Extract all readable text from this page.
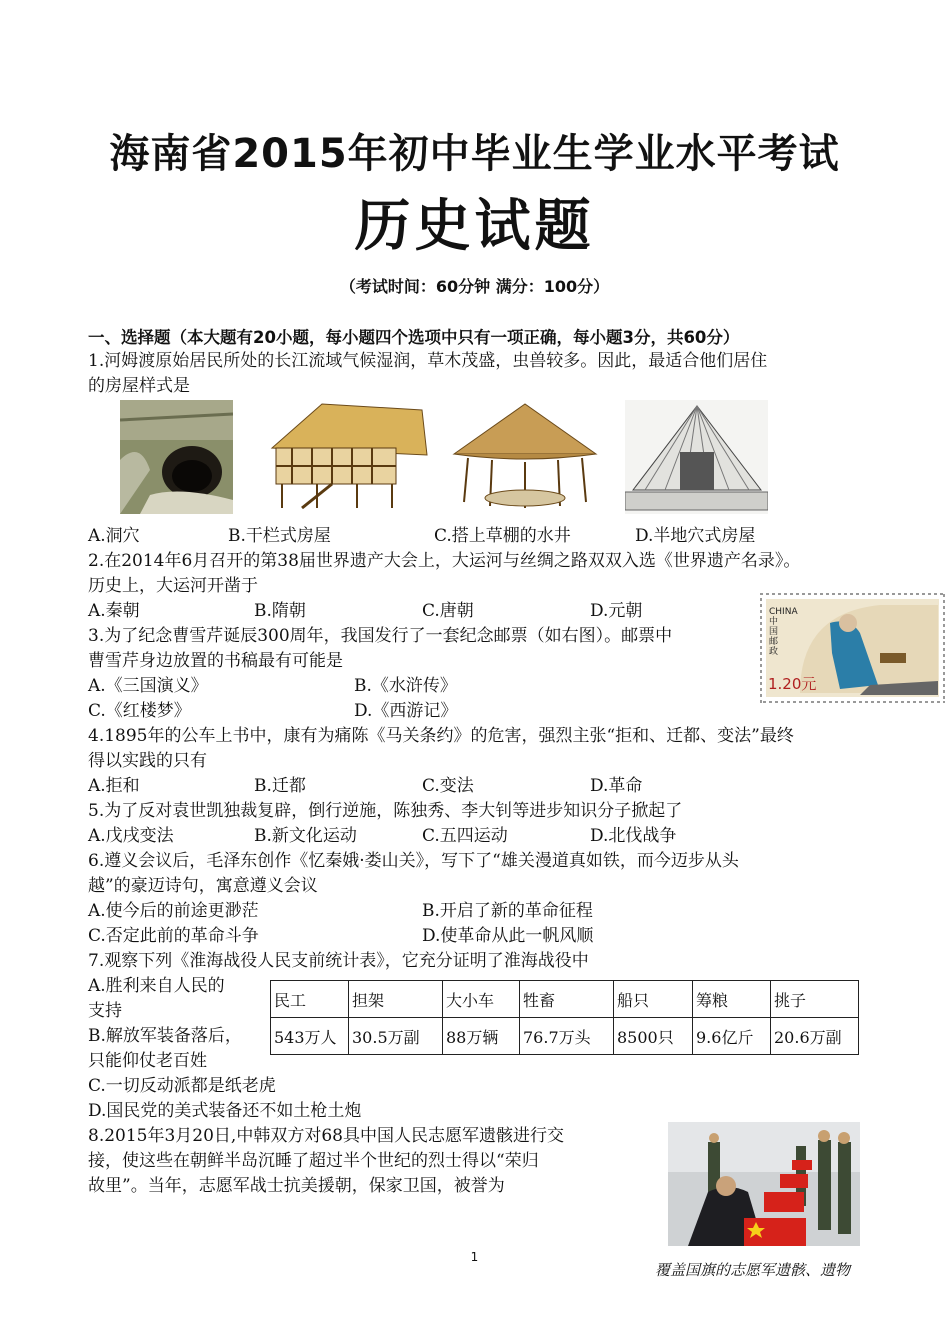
海南省2015年初中毕业生学业水平考试
历史试题
（考试时间：60分钟 满分：100分）
一、选择题（本大题有20小题，每小题四个选项中只有一项正确，每小题3分，共60分）
1.河姆渡原始居民所处的长江流域气候湿润，草木茂盛，虫兽较多。因此，最适合他们居住
的房屋样式是
A.洞穴	B.干栏式房屋	C.搭上草棚的水井	D.半地穴式房屋
2.在2014年6月召开的第38届世界遗产大会上，大运河与丝绸之路双双入选《世界遗产名录》。
历史上，大运河开凿于
A.秦朝	B.隋朝	C.唐朝	D.元朝	CHINA 中国邮政
1.20元
3.为了纪念曹雪芹诞辰300周年，我国发行了一套纪念邮票（如右图）。邮票中
曹雪芹身边放置的书稿最有可能是
A.《三国演义》	B.《水浒传》
C.《红楼梦》	D.《西游记》
4.1895年的公车上书中，康有为痛陈《马关条约》的危害，强烈主张“拒和、迁都、变法”最终
得以实践的只有
A.拒和	B.迁都	C.变法	D.革命
5.为了反对袁世凯独裁复辟，倒行逆施，陈独秀、李大钊等进步知识分子掀起了
A.戊戌变法	B.新文化运动	C.五四运动	D.北伐战争
6.遵义会议后，毛泽东创作《忆秦娥·娄山关》，写下了“雄关漫道真如铁，而今迈步从头
越”的豪迈诗句，寓意遵义会议
A.使今后的前途更渺茫	B.开启了新的革命征程
C.否定此前的革命斗争	D.使革命从此一帆风顺
7.观察下列《淮海战役人民支前统计表》，它充分证明了淮海战役中
A.胜利来自人民的
支持
B.解放军装备落后，
只能仰仗老百姓
C.一切反动派都是纸老虎
D.国民党的美式装备还不如土枪土炮
民工	担架	大小车	牲畜	船只	筹粮	挑子
543万人	30.5万副	88万辆	76.7万头	8500只	9.6亿斤	20.6万副
8.2015年3月20日,中韩双方对68具中国人民志愿军遗骸进行交
接，使这些在朝鲜半岛沉睡了超过半个世纪的烈士得以“荣归
故里”。当年，志愿军战士抗美援朝，保家卫国，被誉为
1
覆盖国旗的志愿军遗骸、遗物
